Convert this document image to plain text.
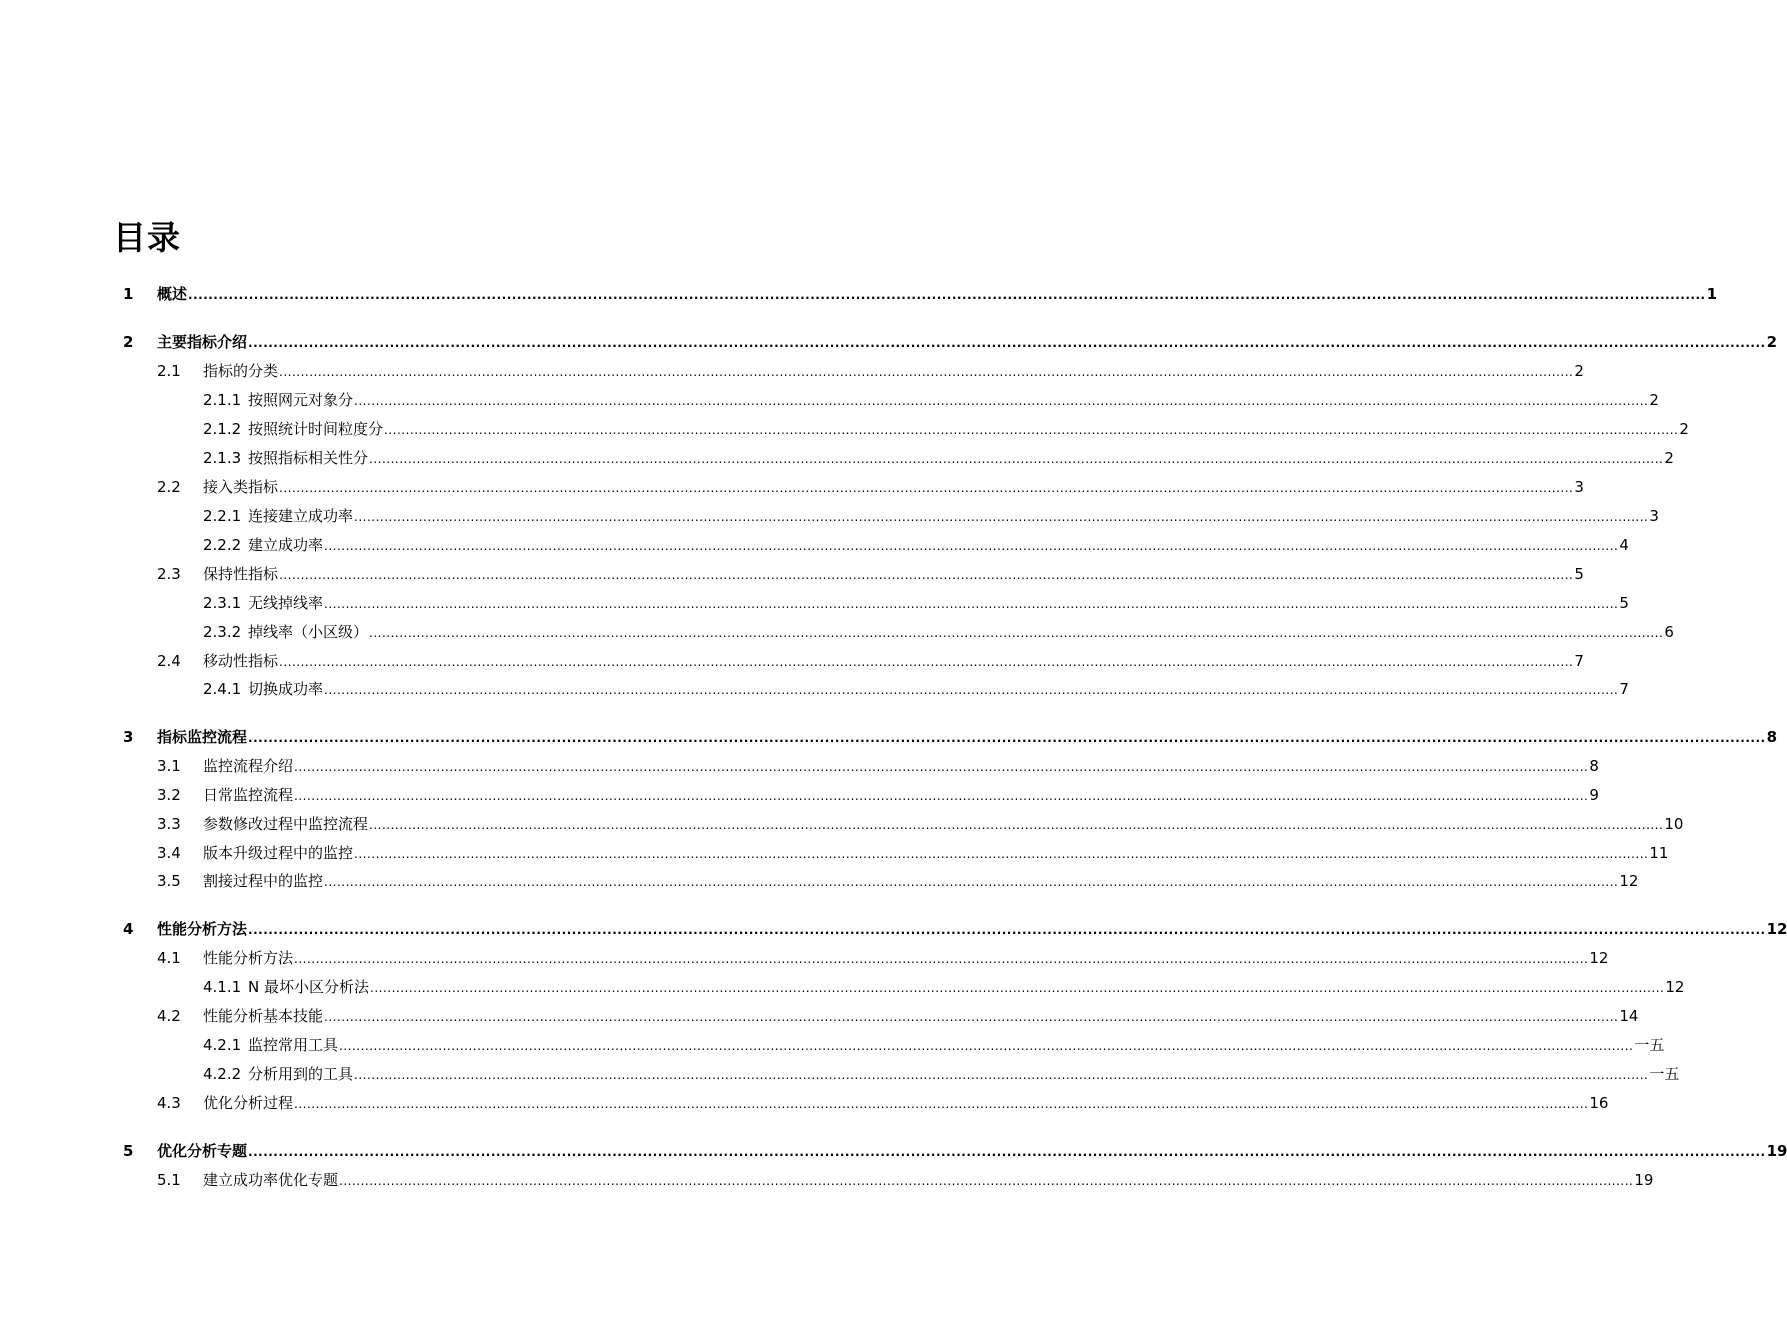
目录
1 概述 ............................................................................................................................................................................................................................................................................................................ 1
2 主要指标介绍 ............................................................................................................................................................................................................................................................................................................ 2
2.1 指标的分类 ............................................................................................................................................................................................................................................................................................................ 2
2.1.1 按照网元对象分 ............................................................................................................................................................................................................................................................................................................ 2
2.1.2 按照统计时间粒度分 ............................................................................................................................................................................................................................................................................................................ 2
2.1.3 按照指标相关性分 ............................................................................................................................................................................................................................................................................................................ 2
2.2 接入类指标 ............................................................................................................................................................................................................................................................................................................ 3
2.2.1 连接建立成功率 ............................................................................................................................................................................................................................................................................................................ 3
2.2.2 建立成功率 ............................................................................................................................................................................................................................................................................................................ 4
2.3 保持性指标 ............................................................................................................................................................................................................................................................................................................ 5
2.3.1 无线掉线率 ............................................................................................................................................................................................................................................................................................................ 5
2.3.2 掉线率（小区级） ............................................................................................................................................................................................................................................................................................................ 6
2.4 移动性指标 ............................................................................................................................................................................................................................................................................................................ 7
2.4.1 切换成功率 ............................................................................................................................................................................................................................................................................................................ 7
3 指标监控流程 ............................................................................................................................................................................................................................................................................................................ 8
3.1 监控流程介绍 ............................................................................................................................................................................................................................................................................................................ 8
3.2 日常监控流程 ............................................................................................................................................................................................................................................................................................................ 9
3.3 参数修改过程中监控流程 ............................................................................................................................................................................................................................................................................................................ 10
3.4 版本升级过程中的监控 ............................................................................................................................................................................................................................................................................................................ 11
3.5 割接过程中的监控 ............................................................................................................................................................................................................................................................................................................ 12
4 性能分析方法 ............................................................................................................................................................................................................................................................................................................ 12
4.1 性能分析方法 ............................................................................................................................................................................................................................................................................................................ 12
4.1.1 N 最坏小区分析法 ............................................................................................................................................................................................................................................................................................................ 12
4.2 性能分析基本技能 ............................................................................................................................................................................................................................................................................................................ 14
4.2.1 监控常用工具 ............................................................................................................................................................................................................................................................................................................ 一五
4.2.2 分析用到的工具 ............................................................................................................................................................................................................................................................................................................ 一五
4.3 优化分析过程 ............................................................................................................................................................................................................................................................................................................ 16
5 优化分析专题 ............................................................................................................................................................................................................................................................................................................ 19
5.1 建立成功率优化专题 ............................................................................................................................................................................................................................................................................................................ 19
